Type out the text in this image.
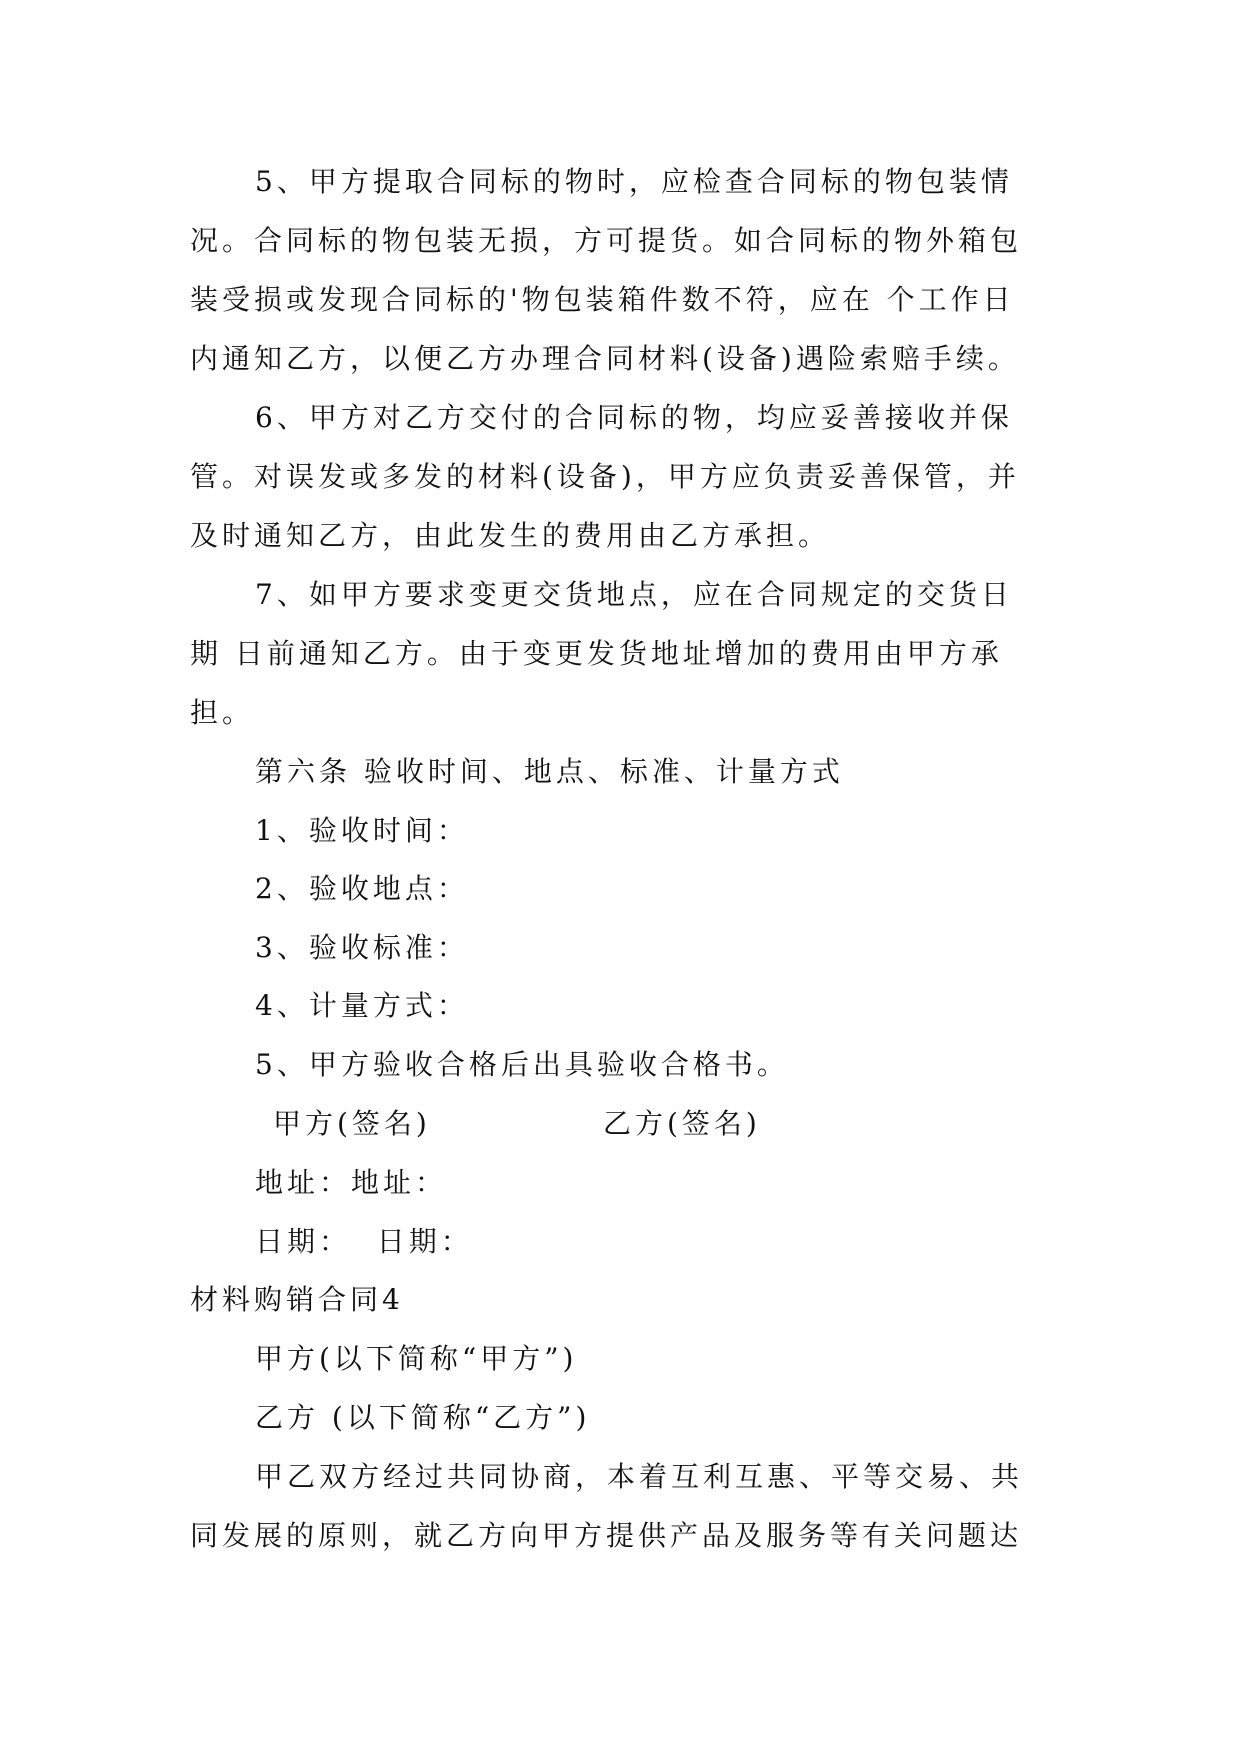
5、甲方提取合同标的物时，应检查合同标的物包装情
况。合同标的物包装无损，方可提货。如合同标的物外箱包
装受损或发现合同标的'物包装箱件数不符，应在 个工作日
内通知乙方，以便乙方办理合同材料(设备)遇险索赔手续。
6、甲方对乙方交付的合同标的物，均应妥善接收并保
管。对误发或多发的材料(设备)，甲方应负责妥善保管，并
及时通知乙方，由此发生的费用由乙方承担。
7、如甲方要求变更交货地点，应在合同规定的交货日
期 日前通知乙方。由于变更发货地址增加的费用由甲方承
担。
第六条 验收时间、地点、标准、计量方式
1、验收时间：
2、验收地点：
3、验收标准：
4、计量方式：
5、甲方验收合格后出具验收合格书。
甲方(签名)	乙方(签名)
地址：地址：
日期：  日期：
材料购销合同4
甲方(以下简称“甲方”)
乙方 (以下简称“乙方”)
甲乙双方经过共同协商，本着互利互惠、平等交易、共
同发展的原则，就乙方向甲方提供产品及服务等有关问题达
